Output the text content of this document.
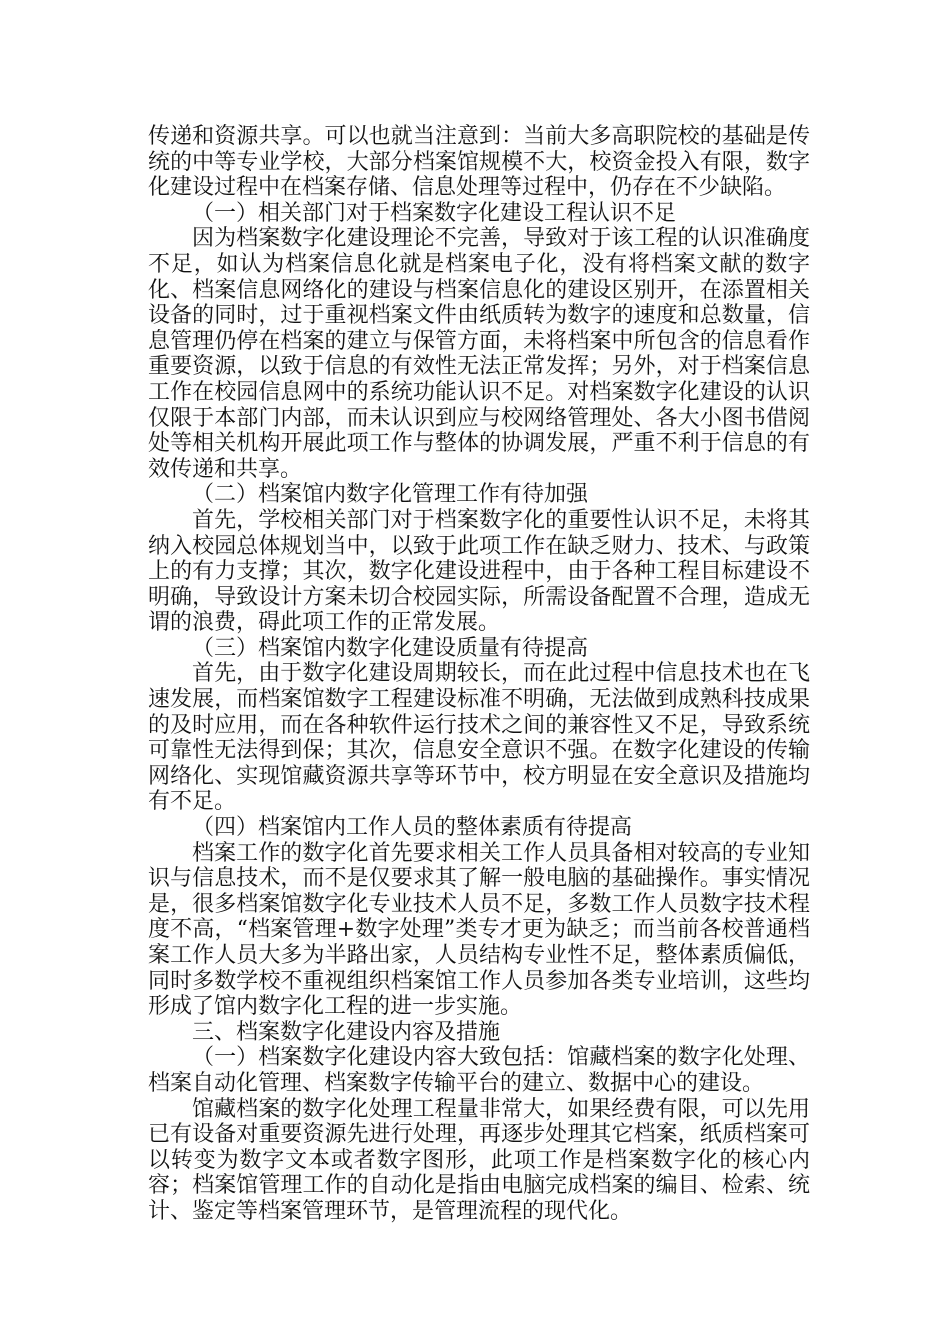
传递和资源共享。可以也就当注意到：当前大多高职院校的基础是传统的中等专业学校，大部分档案馆规模不大，校资金投入有限，数字化建设过程中在档案存储、信息处理等过程中，仍存在不少缺陷。

（一）相关部门对于档案数字化建设工程认识不足

因为档案数字化建设理论不完善，导致对于该工程的认识准确度不足，如认为档案信息化就是档案电子化，没有将档案文献的数字化、档案信息网络化的建设与档案信息化的建设区别开，在添置相关设备的同时，过于重视档案文件由纸质转为数字的速度和总数量，信息管理仍停在档案的建立与保管方面，未将档案中所包含的信息看作重要资源，以致于信息的有效性无法正常发挥；另外，对于档案信息工作在校园信息网中的系统功能认识不足。对档案数字化建设的认识仅限于本部门内部，而未认识到应与校网络管理处、各大小图书借阅处等相关机构开展此项工作与整体的协调发展，严重不利于信息的有效传递和共享。

（二）档案馆内数字化管理工作有待加强

首先，学校相关部门对于档案数字化的重要性认识不足，未将其纳入校园总体规划当中，以致于此项工作在缺乏财力、技术、与政策上的有力支撑；其次，数字化建设进程中，由于各种工程目标建设不明确，导致设计方案未切合校园实际，所需设备配置不合理，造成无谓的浪费，碍此项工作的正常发展。

（三）档案馆内数字化建设质量有待提高

首先，由于数字化建设周期较长，而在此过程中信息技术也在飞速发展，而档案馆数字工程建设标准不明确，无法做到成熟科技成果的及时应用，而在各种软件运行技术之间的兼容性又不足，导致系统可靠性无法得到保；其次，信息安全意识不强。在数字化建设的传输网络化、实现馆藏资源共享等环节中，校方明显在安全意识及措施均有不足。

（四）档案馆内工作人员的整体素质有待提高

档案工作的数字化首先要求相关工作人员具备相对较高的专业知识与信息技术，而不是仅要求其了解一般电脑的基础操作。事实情况是，很多档案馆数字化专业技术人员不足，多数工作人员数字技术程度不高，“档案管理+数字处理”类专才更为缺乏；而当前各校普通档案工作人员大多为半路出家，人员结构专业性不足，整体素质偏低，同时多数学校不重视组织档案馆工作人员参加各类专业培训，这些均形成了馆内数字化工程的进一步实施。

三、档案数字化建设内容及措施

（一）档案数字化建设内容大致包括：馆藏档案的数字化处理、档案自动化管理、档案数字传输平台的建立、数据中心的建设。

馆藏档案的数字化处理工程量非常大，如果经费有限，可以先用已有设备对重要资源先进行处理，再逐步处理其它档案，纸质档案可以转变为数字文本或者数字图形，此项工作是档案数字化的核心内容；档案馆管理工作的自动化是指由电脑完成档案的编目、检索、统计、鉴定等档案管理环节，是管理流程的现代化。
